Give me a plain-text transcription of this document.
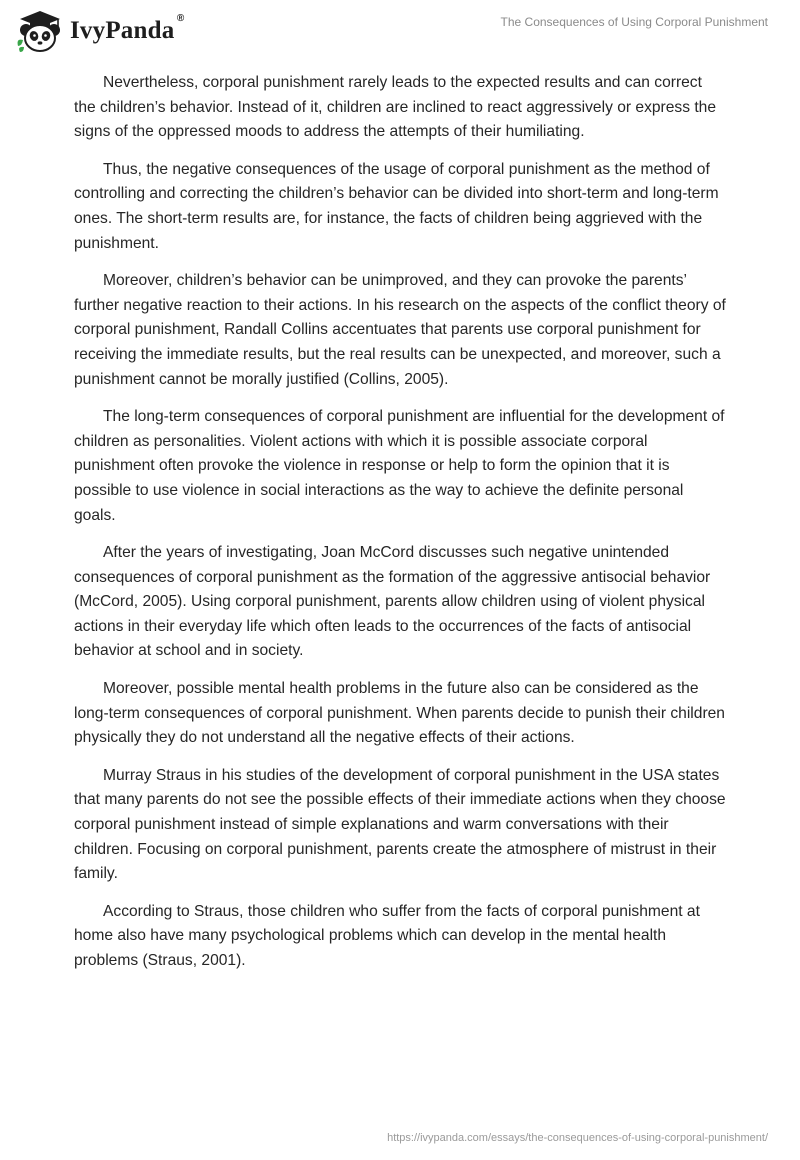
IvyPanda ®	The Consequences of Using Corporal Punishment

Nevertheless, corporal punishment rarely leads to the expected results and can correct the children’s behavior. Instead of it, children are inclined to react aggressively or express the signs of the oppressed moods to address the attempts of their humiliating.

Thus, the negative consequences of the usage of corporal punishment as the method of controlling and correcting the children’s behavior can be divided into short-term and long-term ones. The short-term results are, for instance, the facts of children being aggrieved with the punishment.

Moreover, children’s behavior can be unimproved, and they can provoke the parents’ further negative reaction to their actions. In his research on the aspects of the conflict theory of corporal punishment, Randall Collins accentuates that parents use corporal punishment for receiving the immediate results, but the real results can be unexpected, and moreover, such a punishment cannot be morally justified (Collins, 2005).

The long-term consequences of corporal punishment are influential for the development of children as personalities. Violent actions with which it is possible associate corporal punishment often provoke the violence in response or help to form the opinion that it is possible to use violence in social interactions as the way to achieve the definite personal goals.

After the years of investigating, Joan McCord discusses such negative unintended consequences of corporal punishment as the formation of the aggressive antisocial behavior (McCord, 2005). Using corporal punishment, parents allow children using of violent physical actions in their everyday life which often leads to the occurrences of the facts of antisocial behavior at school and in society.

Moreover, possible mental health problems in the future also can be considered as the long-term consequences of corporal punishment. When parents decide to punish their children physically they do not understand all the negative effects of their actions.

Murray Straus in his studies of the development of corporal punishment in the USA states that many parents do not see the possible effects of their immediate actions when they choose corporal punishment instead of simple explanations and warm conversations with their children. Focusing on corporal punishment, parents create the atmosphere of mistrust in their family.

According to Straus, those children who suffer from the facts of corporal punishment at home also have many psychological problems which can develop in the mental health problems (Straus, 2001).

https://ivypanda.com/essays/the-consequences-of-using-corporal-punishment/
